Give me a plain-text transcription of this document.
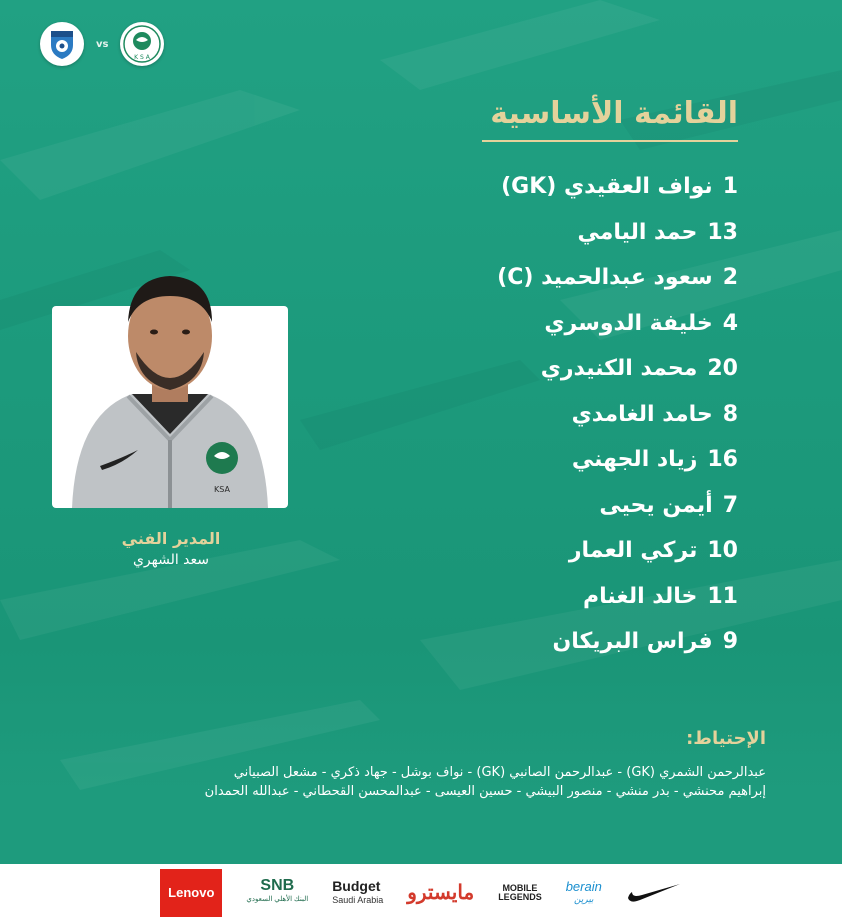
vs
K S A
القائمة الأساسية
1نواف العقيدي (GK)
13حمد اليامي
2سعود عبدالحميد (C)
4خليفة الدوسري
20محمد الكنيدري
8حامد الغامدي
16زياد الجهني
7أيمن يحيى
10تركي العمار
11خالد الغنام
9فراس البريكان
KSA
المدير الفني
سعد الشهري
الإحتياط:
عبدالرحمن الشمري (GK) - عبدالرحمن الصانبي (GK) - نواف بوشل - جهاد ذكري - مشعل الصبياني
إبراهيم محنشي - بدر منشي - منصور البيشي - حسين العيسى - عبدالمحسن القحطاني - عبدالله الحمدان
Lenovo	SNB
البنك الأهلي السعودي
Budget
Saudi Arabia مايسترو	MOBILE
LEGENDS
berain
بيرين
